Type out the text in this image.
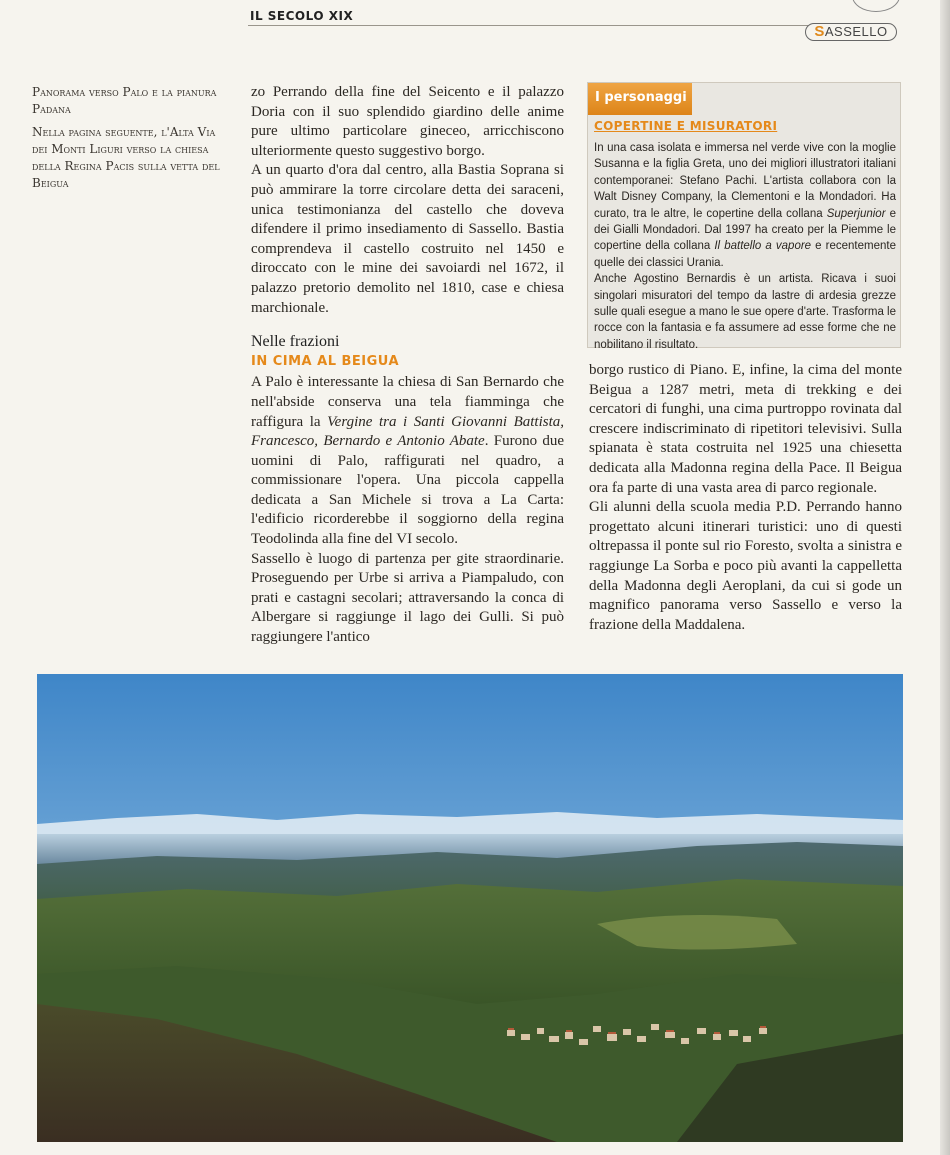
IL SECOLO XIX
SASSELLO

Panorama verso Palo e la pianura Padana

Nella pagina seguente, l'Alta Via dei Monti Liguri verso la chiesa della Regina Pacis sulla vetta del Beigua

zo Perrando della fine del Seicento e il palazzo Doria con il suo splendido giardino delle anime pure ultimo particolare gineceo, arricchiscono ulteriormente questo suggestivo borgo.

A un quarto d'ora dal centro, alla Bastia Soprana si può ammirare la torre circolare detta dei saraceni, unica testimonianza del castello che doveva difendere il primo insediamento di Sassello. Bastia comprendeva il castello costruito nel 1450 e diroccato con le mine dei savoiardi nel 1672, il palazzo pretorio demolito nel 1810, case e chiesa marchionale.

Nelle frazioni

IN CIMA AL BEIGUA

A Palo è interessante la chiesa di San Bernardo che nell'abside conserva una tela fiamminga che raffigura la Vergine tra i Santi Giovanni Battista, Francesco, Bernardo e Antonio Abate. Furono due uomini di Palo, raffigurati nel quadro, a commissionare l'opera. Una piccola cappella dedicata a San Michele si trova a La Carta: l'edificio ricorderebbe il soggiorno della regina Teodolinda alla fine del VI secolo.

Sassello è luogo di partenza per gite straordinarie. Proseguendo per Urbe si arriva a Piampaludo, con prati e castagni secolari; attraversando la conca di Albergare si raggiunge il lago dei Gulli. Si può raggiungere l'antico

I personaggi
COPERTINE E MISURATORI

In una casa isolata e immersa nel verde vive con la moglie Susanna e la figlia Greta, uno dei migliori illustratori italiani contemporanei: Stefano Pachi. L'artista collabora con la Walt Disney Company, la Clementoni e la Mondadori. Ha curato, tra le altre, le copertine della collana Superjunior e dei Gialli Mondadori. Dal 1997 ha creato per la Piemme le copertine della collana Il battello a vapore e recentemente quelle dei classici Urania.

Anche Agostino Bernardis è un artista. Ricava i suoi singolari misuratori del tempo da lastre di ardesia grezze sulle quali esegue a mano le sue opere d'arte. Trasforma le rocce con la fantasia e fa assumere ad esse forme che ne nobilitano il risultato.

borgo rustico di Piano. E, infine, la cima del monte Beigua a 1287 metri, meta di trekking e dei cercatori di funghi, una cima purtroppo rovinata dal crescere indiscriminato di ripetitori televisivi. Sulla spianata è stata costruita nel 1925 una chiesetta dedicata alla Madonna regina della Pace. Il Beigua ora fa parte di una vasta area di parco regionale.

Gli alunni della scuola media P.D. Perrando hanno progettato alcuni itinerari turistici: uno di questi oltrepassa il ponte sul rio Foresto, svolta a sinistra e raggiunge La Sorba e poco più avanti la cappelletta della Madonna degli Aeroplani, da cui si gode un magnifico panorama verso Sassello e verso la frazione della Maddalena.
